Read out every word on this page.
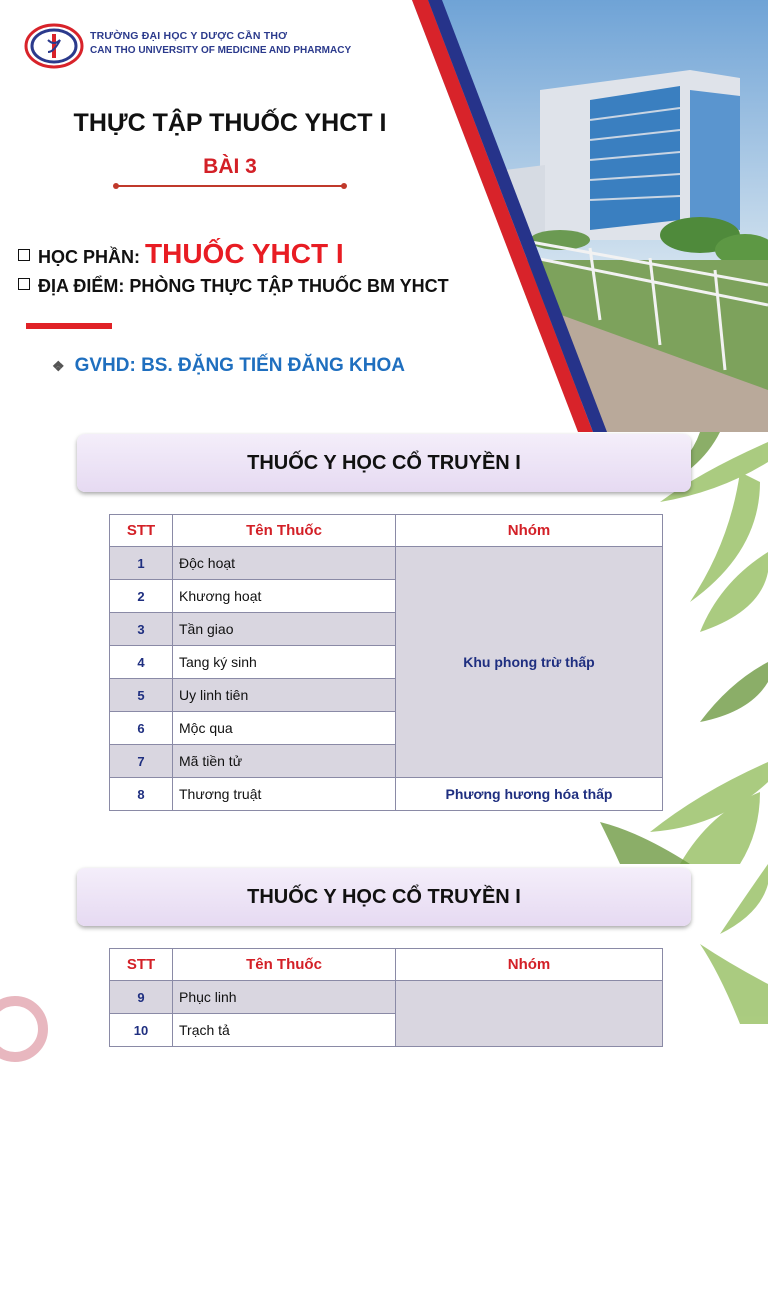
TRƯỜNG ĐẠI HỌC Y DƯỢC CẦN THƠ
CAN THO UNIVERSITY OF MEDICINE AND PHARMACY
THỰC TẬP THUỐC YHCT I
BÀI 3
HỌC PHẦN: THUỐC YHCT I
ĐỊA ĐIỂM: PHÒNG THỰC TẬP THUỐC BM YHCT
❖ GVHD: BS. ĐẶNG TIẾN ĐĂNG KHOA
THUỐC Y HỌC CỔ TRUYỀN I
STT	Tên Thuốc	Nhóm
1	Độc hoạt	Khu phong trừ thấp
2	Khương hoạt	
3	Tần giao	
4	Tang ký sinh	
5	Uy linh tiên	
6	Mộc qua	
7	Mã tiền tử	
8	Thương truật	Phương hương hóa thấp
THUỐC Y HỌC CỔ TRUYỀN I
STT	Tên Thuốc	Nhóm
9	Phục linh	
10	Trạch tả	
